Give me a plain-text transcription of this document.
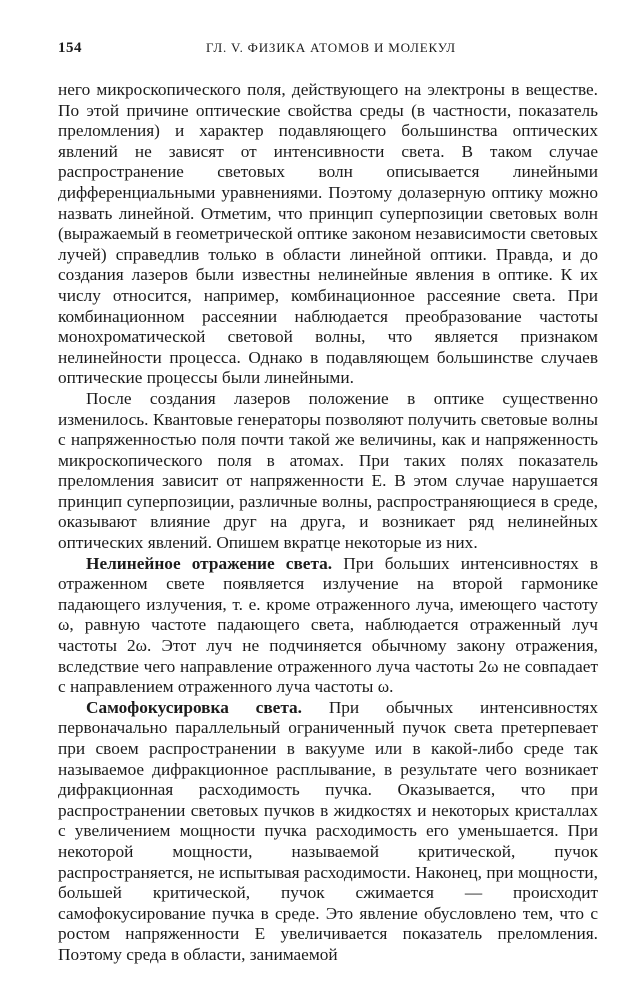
154	ГЛ. V. ФИЗИКА АТОМОВ И МОЛЕКУЛ

него микроскопического поля, действующего на электроны в веществе. По этой причине оптические свойства среды (в частности, показатель преломления) и характер подавляющего большинства оптических явлений не зависят от интенсивности света. В таком случае распространение световых волн описывается линейными дифференциальными уравнениями. Поэтому долазерную оптику можно назвать линейной. Отметим, что принцип суперпозиции световых волн (выражаемый в геометрической оптике законом независимости световых лучей) справедлив только в области линейной оптики. Правда, и до создания лазеров были известны нелинейные явления в оптике. К их числу относится, например, комбинационное рассеяние света. При комбинационном рассеянии наблюдается преобразование частоты монохроматической световой волны, что является признаком нелинейности процесса. Однако в подавляющем большинстве случаев оптические процессы были линейными.

После создания лазеров положение в оптике существенно изменилось. Квантовые генераторы позволяют получить световые волны с напряженностью поля почти такой же величины, как и напряженность микроскопического поля в атомах. При таких полях показатель преломления зависит от напряженности E. В этом случае нарушается принцип суперпозиции, различные волны, распространяющиеся в среде, оказывают влияние друг на друга, и возникает ряд нелинейных оптических явлений. Опишем вкратце некоторые из них.

Нелинейное отражение света. При больших интенсивностях в отраженном свете появляется излучение на второй гармонике падающего излучения, т. е. кроме отраженного луча, имеющего частоту ω, равную частоте падающего света, наблюдается отраженный луч частоты 2ω. Этот луч не подчиняется обычному закону отражения, вследствие чего направление отраженного луча частоты 2ω не совпадает с направлением отраженного луча частоты ω.

Самофокусировка света. При обычных интенсивностях первоначально параллельный ограниченный пучок света претерпевает при своем распространении в вакууме или в какой-либо среде так называемое дифракционное расплывание, в результате чего возникает дифракционная расходимость пучка. Оказывается, что при распространении световых пучков в жидкостях и некоторых кристаллах с увеличением мощности пучка расходимость его уменьшается. При некоторой мощности, называемой критической, пучок распространяется, не испытывая расходимости. Наконец, при мощности, большей критической, пучок сжимается — происходит самофокусирование пучка в среде. Это явление обусловлено тем, что с ростом напряженности E увеличивается показатель преломления. Поэтому среда в области, занимаемой
